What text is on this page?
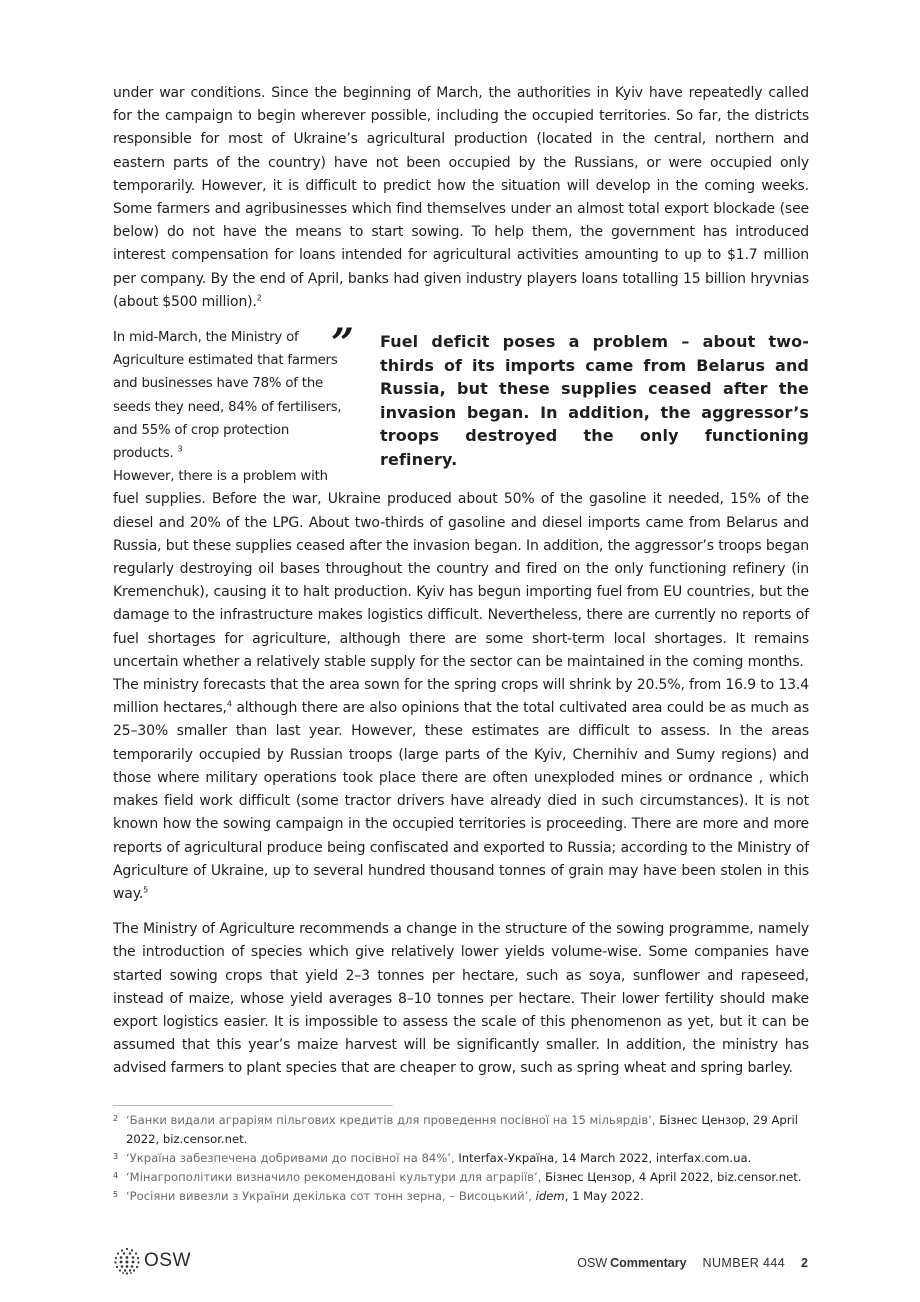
under war conditions. Since the beginning of March, the authorities in Kyiv have repeatedly called for the campaign to begin wherever possible, including the occupied territories. So far, the districts responsible for most of Ukraine’s agricultural production (located in the central, northern and eastern parts of the country) have not been occupied by the Russians, or were occupied only temporarily. However, it is difficult to predict how the situation will develop in the coming weeks. Some farmers and agribusinesses which find themselves under an almost total export blockade (see below) do not have the means to start sowing. To help them, the government has introduced interest compensation for loans intended for agricultural activities amounting to up to $1.7 million per company. By the end of April, banks had given industry players loans totalling 15 billion hryvnias (about $500 million).$^2$

”	Fuel deficit poses a problem – about two-thirds of its imports came from Belarus and Russia, but these supplies ceased after the invasion began. In addition, the aggressor’s troops destroyed the only functioning refinery.

In mid-March, the Ministry of Agriculture estimated that farmers and businesses have 78% of the seeds they need, 84% of fertilisers, and 55% of crop protection products. $^3$
However, there is a problem with

fuel supplies. Before the war, Ukraine produced about 50% of the gasoline it needed, 15% of the diesel and 20% of the LPG. About two-thirds of gasoline and diesel imports came from Belarus and Russia, but these supplies ceased after the invasion began. In addition, the aggressor’s troops began regularly destroying oil bases throughout the country and fired on the only functioning refinery (in Kremenchuk), causing it to halt production. Kyiv has begun importing fuel from EU countries, but the damage to the infrastructure makes logistics difficult. Nevertheless, there are currently no reports of fuel shortages for agriculture, although there are some short-term local shortages. It remains uncertain whether a relatively stable supply for the sector can be maintained in the coming months.

The ministry forecasts that the area sown for the spring crops will shrink by 20.5%, from 16.9 to 13.4 million hectares,$^4$ although there are also opinions that the total cultivated area could be as much as 25–30% smaller than last year. However, these estimates are difficult to assess. In the areas temporarily occupied by Russian troops (large parts of the Kyiv, Chernihiv and Sumy regions) and those where military operations took place there are often unexploded mines or ordnance , which makes field work difficult (some tractor drivers have already died in such circumstances). It is not known how the sowing campaign in the occupied territories is proceeding. There are more and more reports of agricultural produce being confiscated and exported to Russia; according to the Ministry of Agriculture of Ukraine, up to several hundred thousand tonnes of grain may have been stolen in this way.$^5$

The Ministry of Agriculture recommends a change in the structure of the sowing programme, namely the introduction of species which give relatively lower yields volume-wise. Some companies have started sowing crops that yield 2–3 tonnes per hectare, such as soya, sunflower and rapeseed, instead of maize, whose yield averages 8–10 tonnes per hectare. Their lower fertility should make export logistics easier. It is impossible to assess the scale of this phenomenon as yet, but it can be assumed that this year’s maize harvest will be significantly smaller. In addition, the ministry has advised farmers to plant species that are cheaper to grow, such as spring wheat and spring barley.

2 ‘Банки видали аграріям пільгових кредитів для проведення посівної на 15 мільярдів’, Бізнес Цензор, 29 April 2022, biz.censor.net.

3 ‘Україна забезпечена добривами до посівної на 84%’, Interfax-Україна, 14 March 2022, interfax.com.ua.

4 ‘Мінагрополітики визначило рекомендовані культури для аграріїв’, Бізнес Цензор, 4 April 2022, biz.censor.net.

5 ‘Росіяни вивезли з України декілька сот тонн зерна, – Висоцький’, idem, 1 May 2022.

OSW	OSW Commentary NUMBER 444 2
